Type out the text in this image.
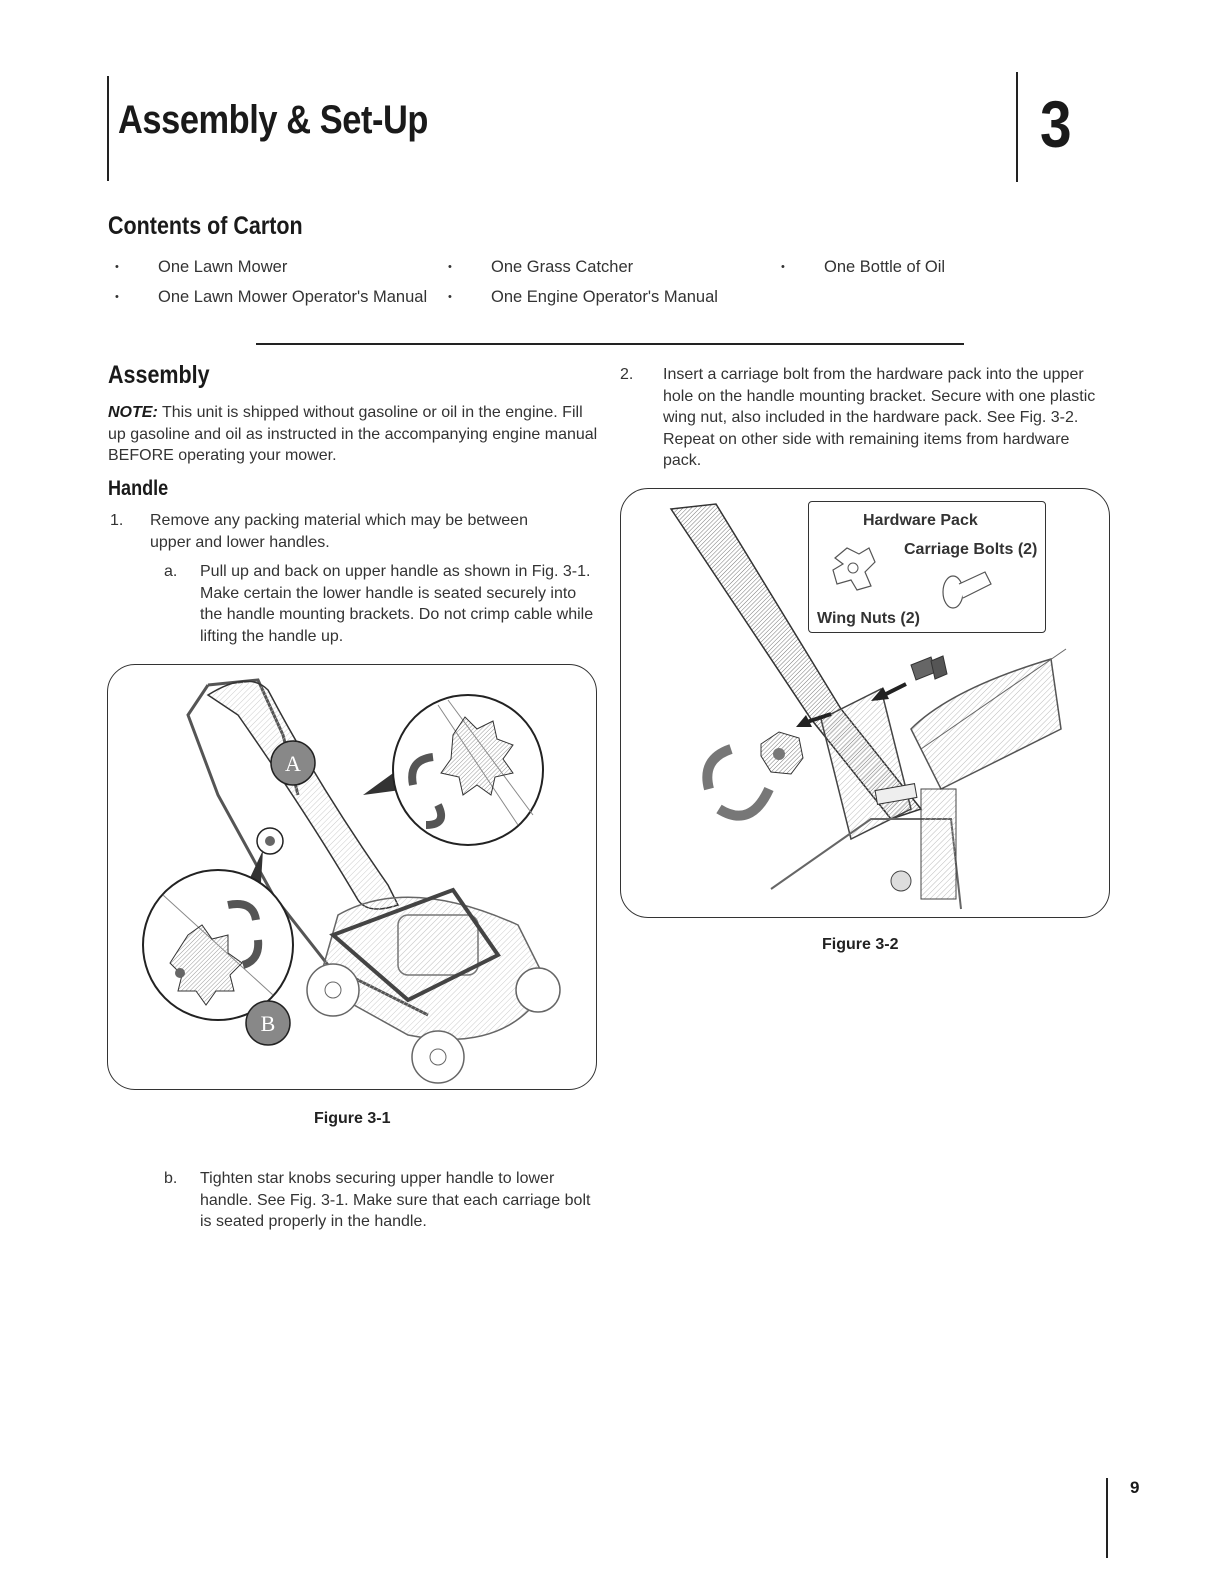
Assembly & Set-Up	3
Contents of Carton
• One Lawn Mower	• One Grass Catcher	• One Bottle of Oil
• One Lawn Mower Operator's Manual	• One Engine Operator's Manual
Assembly
NOTE: This unit is shipped without gasoline or oil in the engine. Fill up gasoline and oil as instructed in the accompanying engine manual BEFORE operating your mower.
Handle
1. Remove any packing material which may be between upper and lower handles.
a. Pull up and back on upper handle as shown in Fig. 3-1. Make certain the lower handle is seated securely into the handle mounting brackets. Do not crimp cable while lifting the handle up.
A
B
Figure 3-1
b. Tighten star knobs securing upper handle to lower handle. See Fig. 3-1. Make sure that each carriage bolt is seated properly in the handle.
2. Insert a carriage bolt from the hardware pack into the upper hole on the handle mounting bracket. Secure with one plastic wing nut, also included in the hardware pack. See Fig. 3-2. Repeat on other side with remaining items from hardware pack.
Hardware Pack
Carriage Bolts (2)
Wing Nuts (2)
Figure 3-2
9
